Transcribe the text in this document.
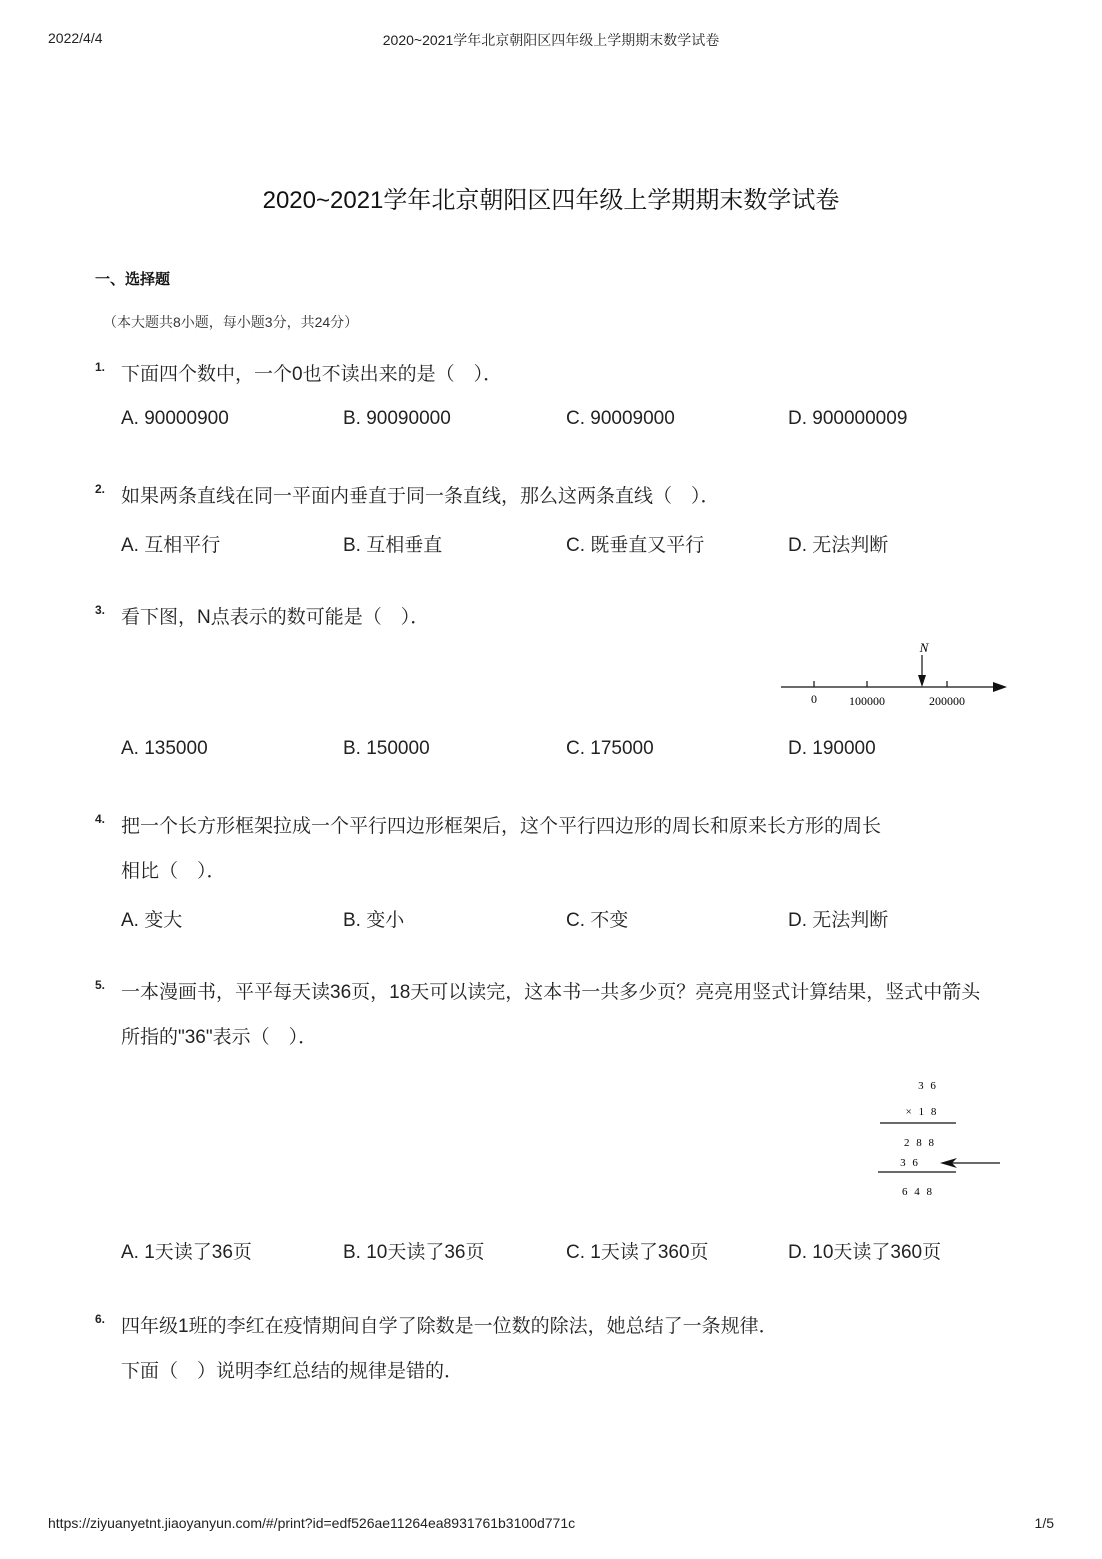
2022/4/4	2020~2021学年北京朝阳区四年级上学期期末数学试卷
2020~2021学年北京朝阳区四年级上学期期末数学试卷
一、选择题
（本大题共8小题，每小题3分，共24分）
1. 下面四个数中，一个0也不读出来的是（　）．
A. 90000900	B. 90090000	C. 90009000	D. 900000009
2. 如果两条直线在同一平面内垂直于同一条直线，那么这两条直线（　）．
A. 互相平行	B. 互相垂直	C. 既垂直又平行	D. 无法判断
3. 看下图，N点表示的数可能是（　）．
A. 135000	B. 150000	C. 175000	D. 190000
N
0	100000	200000
4. 把一个长方形框架拉成一个平行四边形框架后，这个平行四边形的周长和原来长方形的周长
相比（　）．
A. 变大	B. 变小	C. 不变	D. 无法判断
5. 一本漫画书，平平每天读36页，18天可以读完，这本书一共多少页？亮亮用竖式计算结果，竖式中箭头
所指的"36"表示（　）．
A. 1天读了36页	B. 10天读了36页	C. 1天读了360页	D. 10天读了360页
3 6
× 1 8
2 8 8
3 6
6 4 8
6. 四年级1班的李红在疫情期间自学了除数是一位数的除法，她总结了一条规律．
下面（　）说明李红总结的规律是错的．
https://ziyuanyetnt.jiaoyanyun.com/#/print?id=edf526ae11264ea8931761b3100d771c	1/5
